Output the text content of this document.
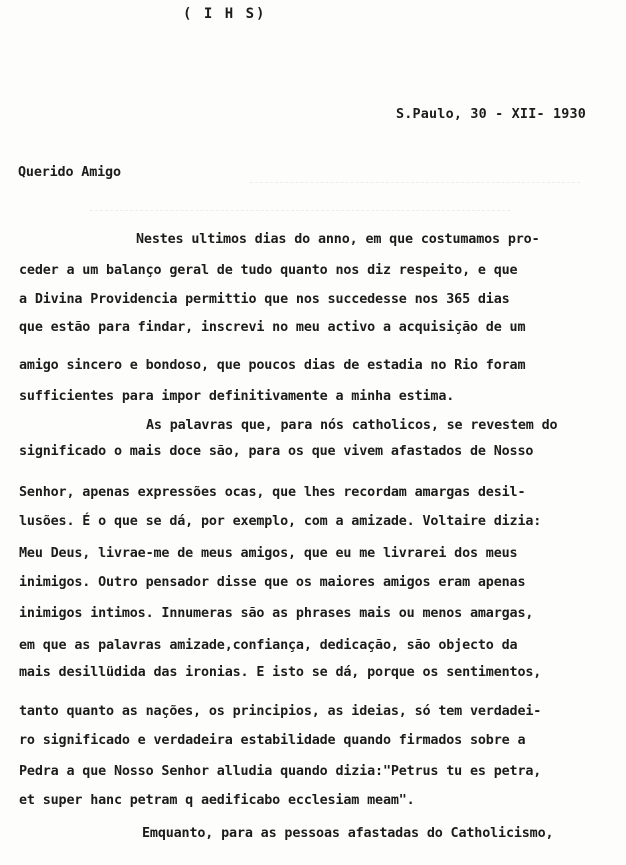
( I H S)
S.Paulo, 30 - XII- 1930
Querido Amigo
Nestes ultimos dias do anno, em que costumamos pro-
ceder a um balanço geral de tudo quanto nos diz respeito, e que
a Divina Providencia permittio que nos succedesse nos 365 dias
que estão para findar, inscrevi no meu activo a acquisição de um
amigo sincero e bondoso, que poucos dias de estadia no Rio foram
sufficientes para impor definitivamente a minha estima.
As palavras que, para nós catholicos, se revestem do
significado o mais doce são, para os que vivem afastados de Nosso
Senhor, apenas expressões ocas, que lhes recordam amargas desil-
lusões. É o que se dá, por exemplo, com a amizade. Voltaire dizia:
Meu Deus, livrae-me de meus amigos, que eu me livrarei dos meus
inimigos. Outro pensador disse que os maiores amigos eram apenas
inimigos intimos. Innumeras são as phrases mais ou menos amargas,
em que as palavras amizade,confiança, dedicação, são objecto da
mais desillüdida das ironias. E isto se dá, porque os sentimentos,
tanto quanto as nações, os principios, as ideias, só tem verdadei-
ro significado e verdadeira estabilidade quando firmados sobre a
Pedra a que Nosso Senhor alludia quando dizia:"Petrus tu es petra,
et super hanc petram q aedificabo ecclesiam meam".
Emquanto, para as pessoas afastadas do Catholicismo,
